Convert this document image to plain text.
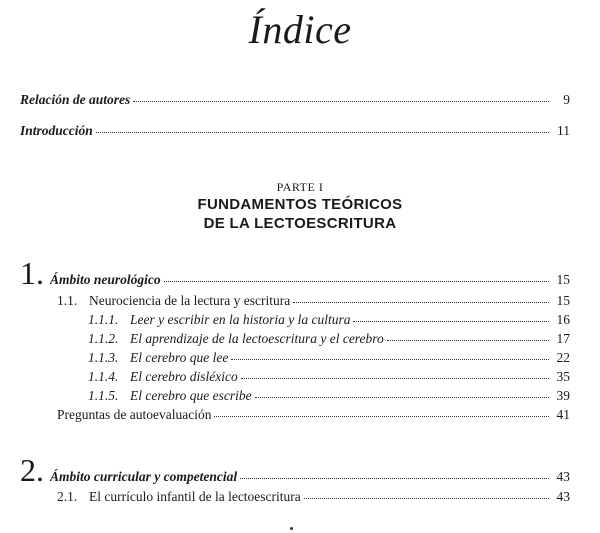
Índice
Relación de autores	9
Introducción	11
PARTE I
FUNDAMENTOS TEÓRICOS
DE LA LECTOESCRITURA
1. Ámbito neurológico	15
1.1. Neurociencia de la lectura y escritura	15
1.1.1. Leer y escribir en la historia y la cultura	16
1.1.2. El aprendizaje de la lectoescritura y el cerebro	17
1.1.3. El cerebro que lee	22
1.1.4. El cerebro disléxico	35
1.1.5. El cerebro que escribe	39
Preguntas de autoevaluación	41
2. Ámbito curricular y competencial	43
2.1. El currículo infantil de la lectoescritura	43
